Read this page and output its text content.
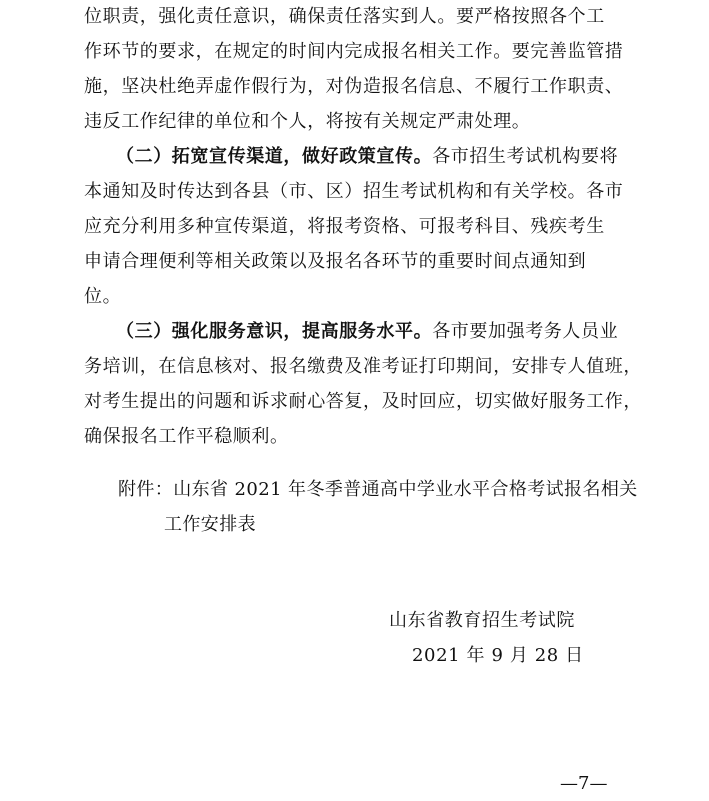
位职责，强化责任意识，确保责任落实到人。要严格按照各个工
作环节的要求，在规定的时间内完成报名相关工作。要完善监管措
施，坚决杜绝弄虚作假行为，对伪造报名信息、不履行工作职责、
违反工作纪律的单位和个人，将按有关规定严肃处理。
（二）拓宽宣传渠道，做好政策宣传。各市招生考试机构要将
本通知及时传达到各县（市、区）招生考试机构和有关学校。各市
应充分利用多种宣传渠道，将报考资格、可报考科目、残疾考生
申请合理便利等相关政策以及报名各环节的重要时间点通知到
位。
（三）强化服务意识，提高服务水平。各市要加强考务人员业
务培训，在信息核对、报名缴费及准考证打印期间，安排专人值班，
对考生提出的问题和诉求耐心答复，及时回应，切实做好服务工作，
确保报名工作平稳顺利。
附件：山东省 2021 年冬季普通高中学业水平合格考试报名相关
工作安排表
山东省教育招生考试院
2021 年 9 月 28 日
—7—
